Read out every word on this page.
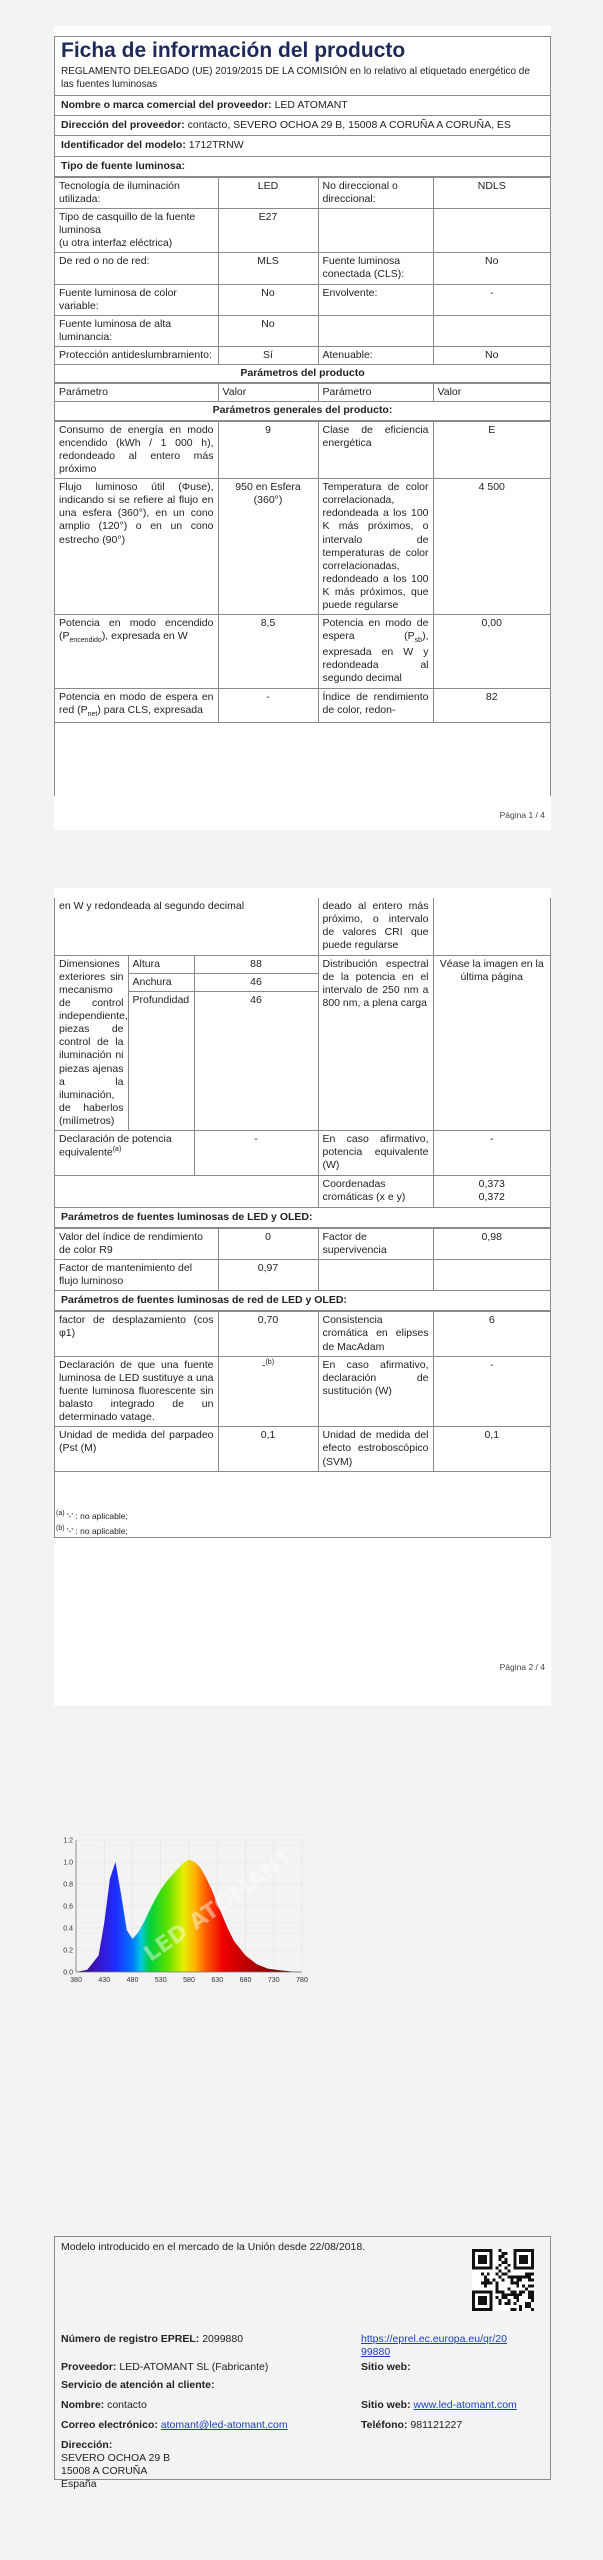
Ficha de información del producto
REGLAMENTO DELEGADO (UE) 2019/2015 DE LA COMISIÓN en lo relativo al etiquetado energético de las fuentes luminosas
Nombre o marca comercial del proveedor: LED ATOMANT
Dirección del proveedor: contacto, SEVERO OCHOA 29 B, 15008 A CORUÑA A CORUÑA, ES
Identificador del modelo: 1712TRNW
Tipo de fuente luminosa:
Tecnología de iluminación utilizada:	LED	No direccional o direccional:	NDLS
Tipo de casquillo de la fuente luminosa
(u otra interfaz eléctrica)	E27		
De red o no de red:	MLS	Fuente luminosa conectada (CLS):	No
Fuente luminosa de color variable:	No	Envolvente:	-
Fuente luminosa de alta luminancia:	No		
Protección antideslumbramiento:	Sí	Atenuable:	No
Parámetros del producto
Parámetro	Valor	Parámetro	Valor
Parámetros generales del producto:
Consumo de energía en modo encendido (kWh / 1 000 h), redondeado al entero más próximo	9	Clase de eficiencia energética	E
Flujo luminoso útil (Φuse), indicando si se refiere al flujo en una esfera (360°), en un cono amplio (120°) o en un cono estrecho (90°)	950 en Esfera (360°)	Temperatura de color correlacionada, redondeada a los 100 K más próximos, o intervalo de temperaturas de color correlacionadas, redondeado a los 100 K más próximos, que puede regularse	4 500
Potencia en modo encendido $(P_{encendido})$, expresada en W	8,5	Potencia en modo de espera $(P_{sb})$, expresada en W y redondeada al segundo decimal	0,00
Potencia en modo de espera en red $(P_{net})$ para CLS, expresada	-	Índice de rendimiento de color, redon-	82
Página 1 / 4
en W y redondeada al segundo decimal			deado al entero más próximo, o intervalo de valores CRI que puede regularse	
Dimensiones exteriores sin mecanismo de control independiente, piezas de control de la iluminación ni piezas ajenas a la iluminación, de haberlos (milímetros)	Altura	88	Distribución espectral de la potencia en el intervalo de 250 nm a 800 nm, a plena carga	Véase la imagen en la última página
	Anchura	46		
	Profundidad	46		
Declaración de potencia equivalente$^{(a)}$		-	En caso afirmativo, potencia equivalente (W)	-
			Coordenadas cromáticas (x e y)	0,373
0,372
Parámetros de fuentes luminosas de LED y OLED:
Valor del índice de rendimiento de color R9	0	Factor de supervivencia	0,98
Factor de mantenimiento del flujo luminoso	0,97		
Parámetros de fuentes luminosas de red de LED y OLED:
factor de desplazamiento (cos φ1)	0,70	Consistencia cromática en elipses de MacAdam	6
Declaración de que una fuente luminosa de LED sustituye a una fuente luminosa fluorescente sin balasto integrado de un determinado vatage.	-$^{(b)}$	En caso afirmativo, declaración de sustitución (W)	-
Unidad de medida del parpadeo (Pst (M)	0,1	Unidad de medida del efecto estroboscópico (SVM)	0,1
$^{(a)}$ '-' : no aplicable;
$^{(b)}$ '-' : no aplicable;
Página 2 / 4
0.0
0.2
0.4
0.6
0.8
1.0
1.2
380 430 480 530 580 630 680 730 780
LED ATOMANT
Modelo introducido en el mercado de la Unión desde 22/08/2018.
Número de registro EPREL: 2099880	https://eprel.ec.europa.eu/qr/20
99880
Proveedor: LED-ATOMANT SL (Fabricante)	Sitio web:
Servicio de atención al cliente:
Nombre: contacto	Sitio web: www.led-atomant.com
Correo electrónico: atomant@led-atomant.com	Teléfono: 981121227
Dirección:
SEVERO OCHOA 29 B
15008 A CORUÑA
España
